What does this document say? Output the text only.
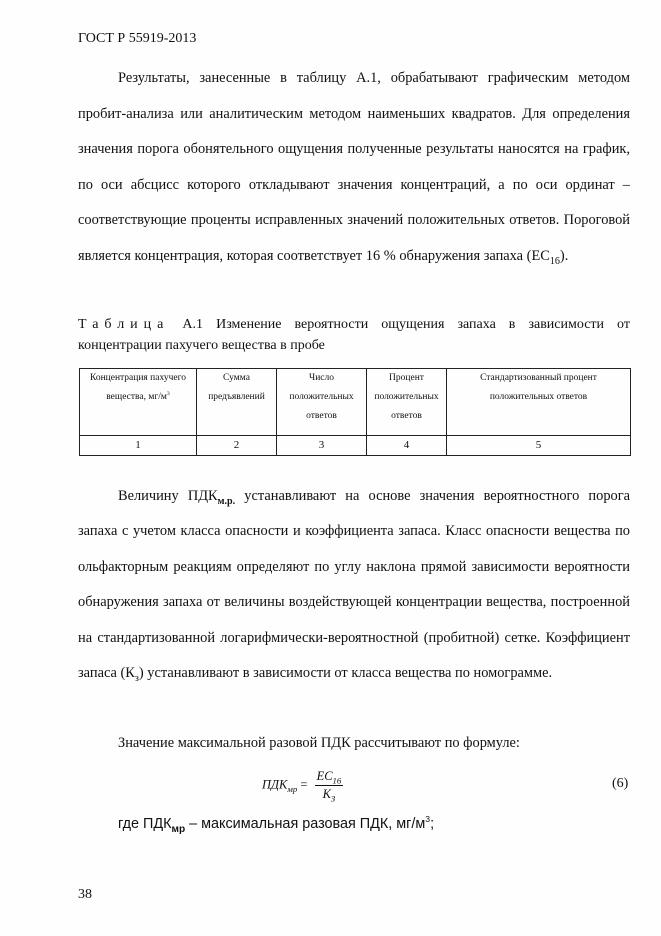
ГОСТ Р 55919-2013
Результаты, занесенные в таблицу А.1, обрабатывают графическим методом пробит-анализа или аналитическим методом наименьших квадратов. Для определения значения порога обонятельного ощущения полученные результаты наносятся на график, по оси абсцисс которого откладывают значения концентраций, а по оси ординат – соответствующие проценты исправленных значений положительных ответов. Пороговой является концентрация, которая соответствует 16 % обнаружения запаха $(ЕС_{16})$.
Таблица А.1 Изменение вероятности ощущения запаха в зависимости от концентрации пахучего вещества в пробе
Концентрация пахучего вещества, $мг/м^3$	Сумма предъявлений	Число положительных ответов	Процент положительных ответов	Стандартизованный процент положительных ответов
1	2	3	4	5
Величину $ПДК_{м.р.}$ устанавливают на основе значения вероятностного порога запаха с учетом класса опасности и коэффициента запаса. Класс опасности вещества по ольфакторным реакциям определяют по углу наклона прямой зависимости вероятности обнаружения запаха от величины воздействующей концентрации вещества, построенной на стандартизованной логарифмически-вероятностной (пробитной) сетке. Коэффициент запаса $(К_з)$ устанавливают в зависимости от класса вещества по номограмме.
Значение максимальной разовой ПДК рассчитывают по формуле:
$ПДК_{мр} = \frac{ЕС_{16}}{К_З}$	(6)
где $ПДК_{мр}$ – максимальная разовая ПДК, $мг/м^3$;
38
